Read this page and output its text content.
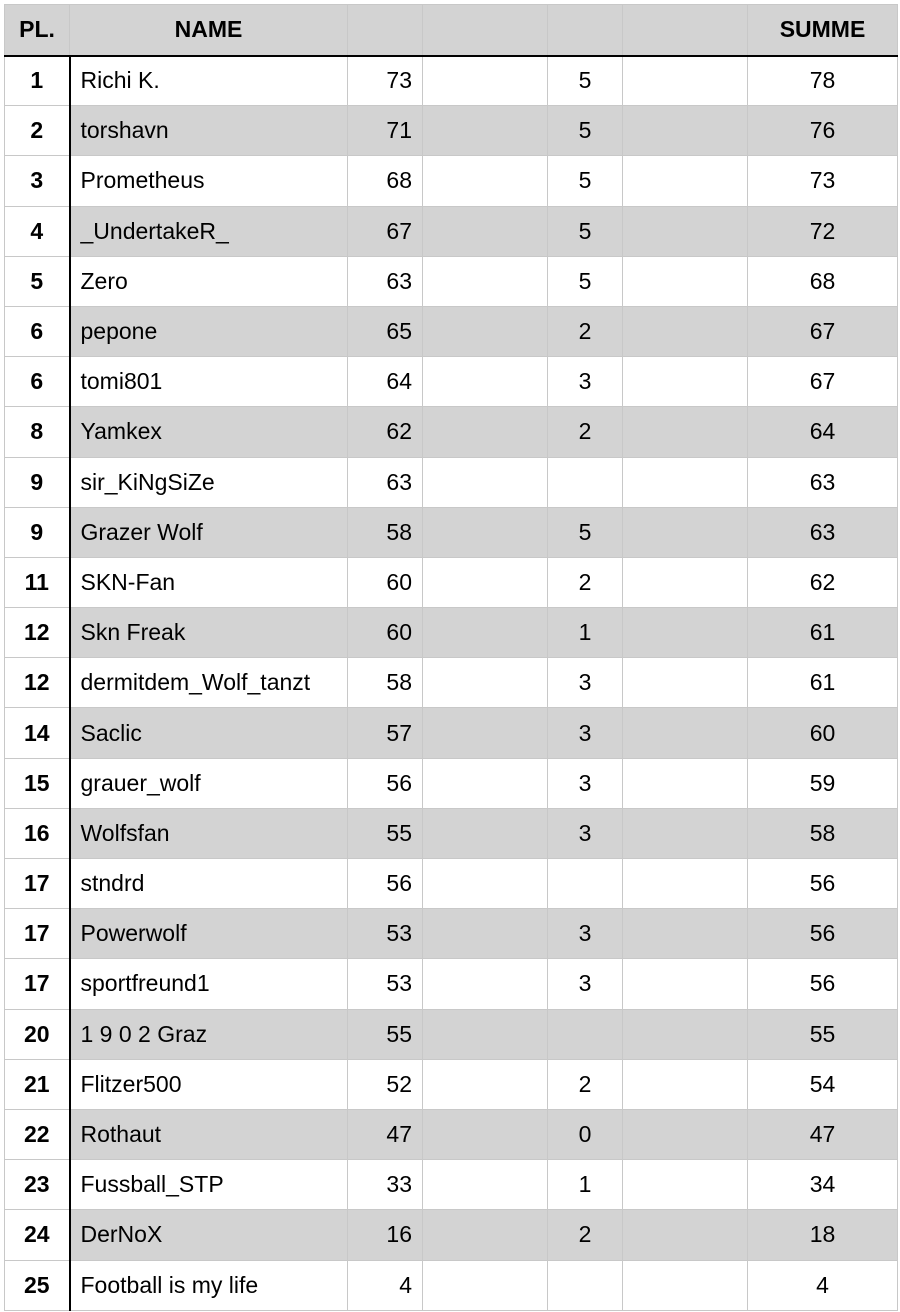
PL.	NAME					SUMME
1	Richi K.	73		5		78
2	torshavn	71		5		76
3	Prometheus	68		5		73
4	_UndertakeR_	67		5		72
5	Zero	63		5		68
6	pepone	65		2		67
6	tomi801	64		3		67
8	Yamkex	62		2		64
9	sir_KiNgSiZe	63				63
9	Grazer Wolf	58		5		63
11	SKN-Fan	60		2		62
12	Skn Freak	60		1		61
12	dermitdem_Wolf_tanzt	58		3		61
14	Saclic	57		3		60
15	grauer_wolf	56		3		59
16	Wolfsfan	55		3		58
17	stndrd	56				56
17	Powerwolf	53		3		56
17	sportfreund1	53		3		56
20	1 9 0 2 Graz	55				55
21	Flitzer500	52		2		54
22	Rothaut	47		0		47
23	Fussball_STP	33		1		34
24	DerNoX	16		2		18
25	Football is my life	4				4
